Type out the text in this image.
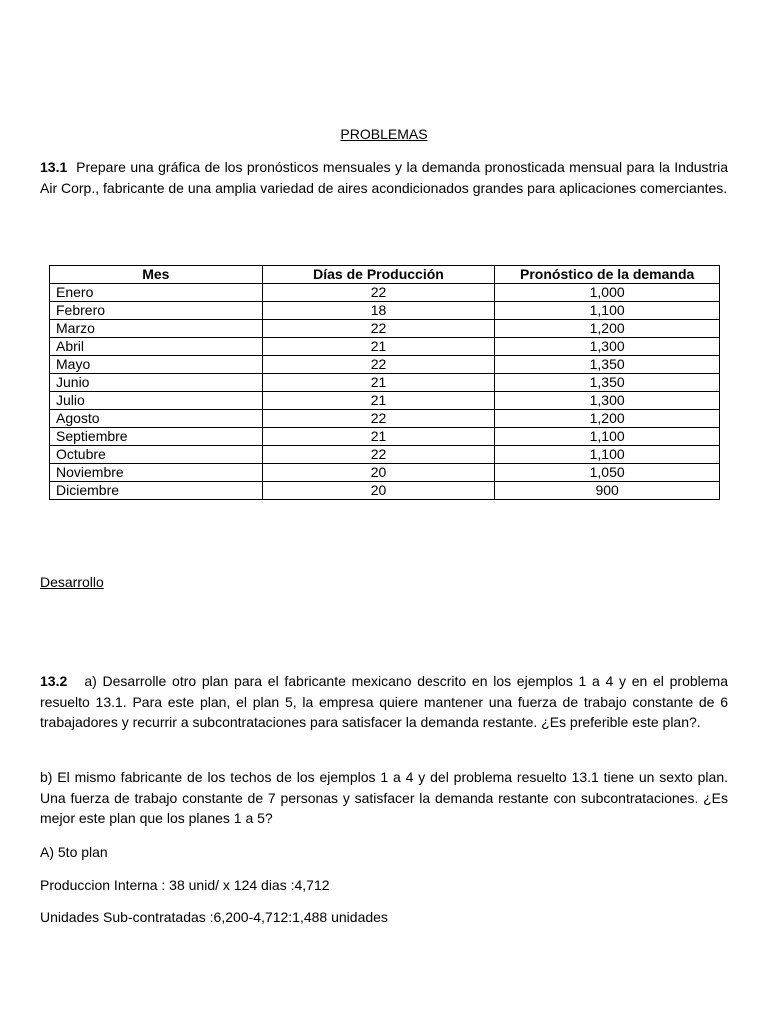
PROBLEMAS

13.1 Prepare una gráfica de los pronósticos mensuales y la demanda pronosticada mensual para la Industria Air Corp., fabricante de una amplia variedad de aires acondicionados grandes para aplicaciones comerciantes.

Mes	Días de Producción	Pronóstico de la demanda
Enero	22	1,000
Febrero	18	1,100
Marzo	22	1,200
Abril	21	1,300
Mayo	22	1,350
Junio	21	1,350
Julio	21	1,300
Agosto	22	1,200
Septiembre	21	1,100
Octubre	22	1,100
Noviembre	20	1,050
Diciembre	20	900
Desarrollo

13.2 a) Desarrolle otro plan para el fabricante mexicano descrito en los ejemplos 1 a 4 y en el problema resuelto 13.1. Para este plan, el plan 5, la empresa quiere mantener una fuerza de trabajo constante de 6 trabajadores y recurrir a subcontrataciones para satisfacer la demanda restante. ¿Es preferible este plan?.

b) El mismo fabricante de los techos de los ejemplos 1 a 4 y del problema resuelto 13.1 tiene un sexto plan. Una fuerza de trabajo constante de 7 personas y satisfacer la demanda restante con subcontrataciones. ¿Es mejor este plan que los planes 1 a 5?

A) 5to plan
Produccion Interna : 38 unid/ x 124 dias :4,712
Unidades Sub-contratadas :6,200-4,712:1,488 unidades
